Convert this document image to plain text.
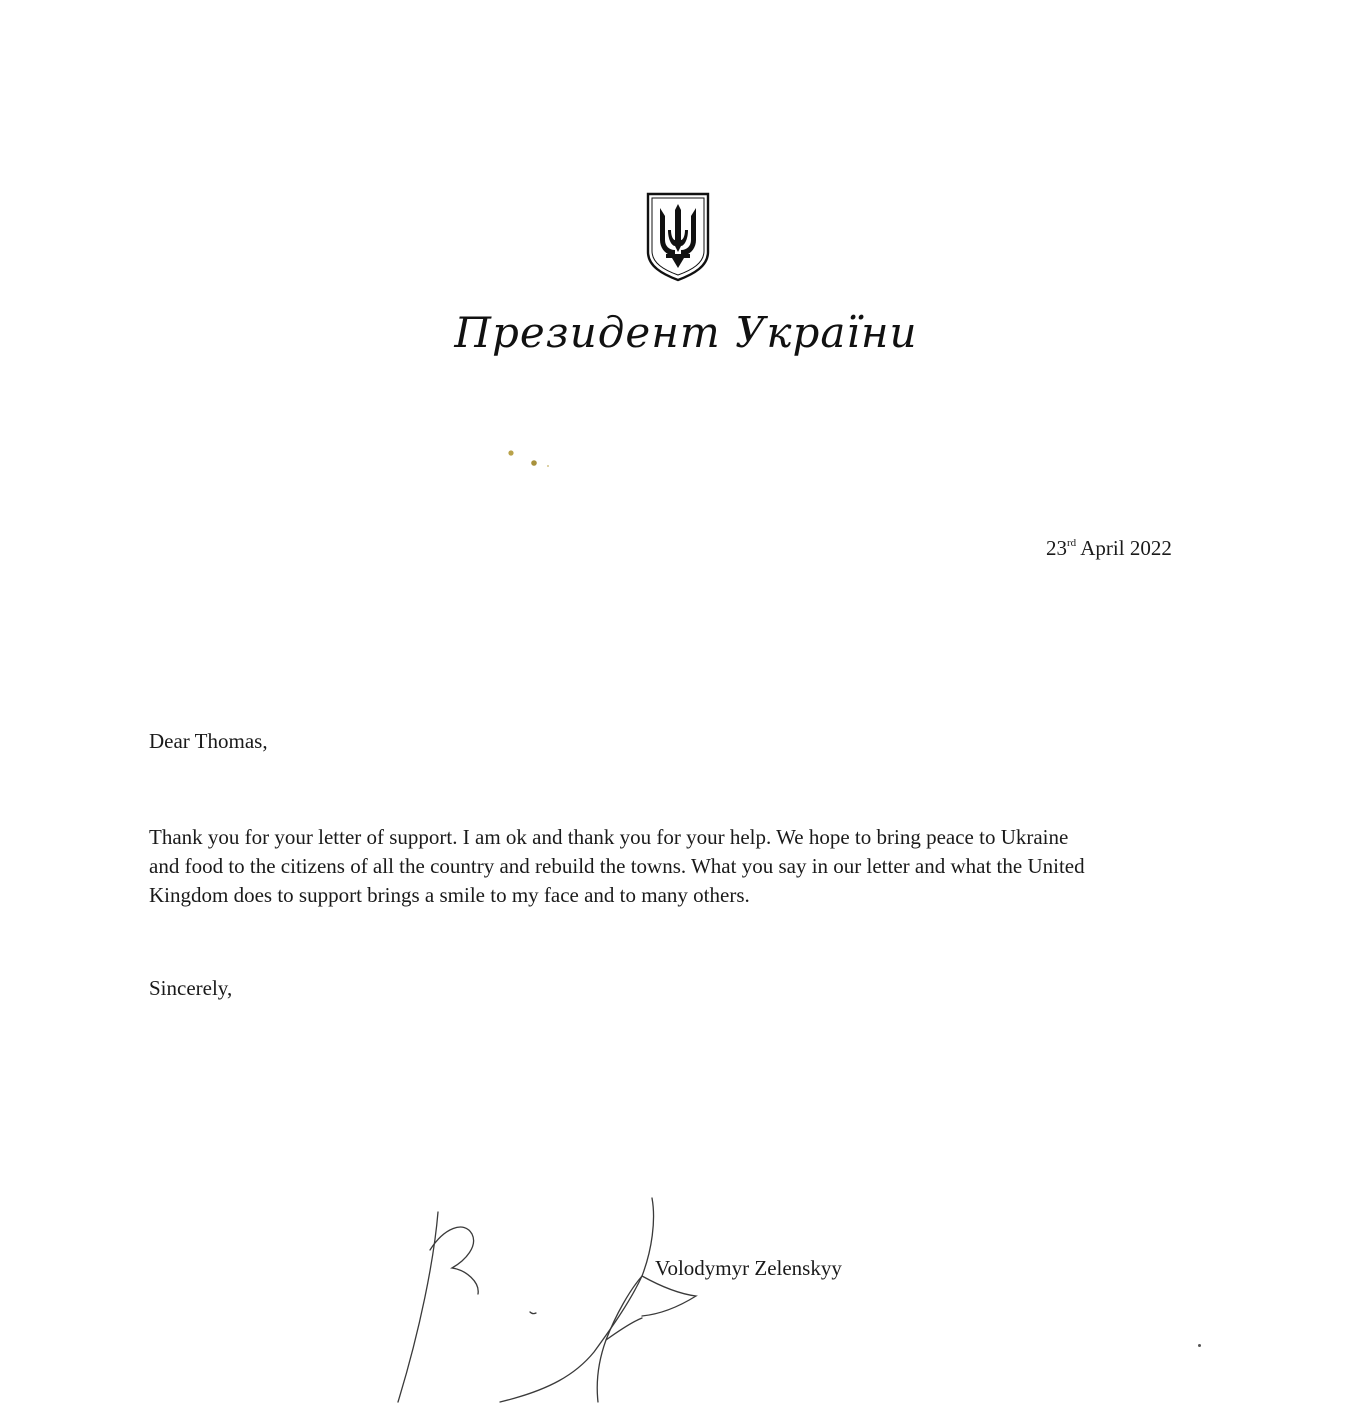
Президент України
23rd April 2022
Dear Thomas,
Thank you for your letter of support. I am ok and thank you for your help. We hope to bring peace to Ukraine
and food to the citizens of all the country and rebuild the towns. What you say in our letter and what the United
Kingdom does to support brings a smile to my face and to many others.
Sincerely,
Volodymyr Zelenskyy
